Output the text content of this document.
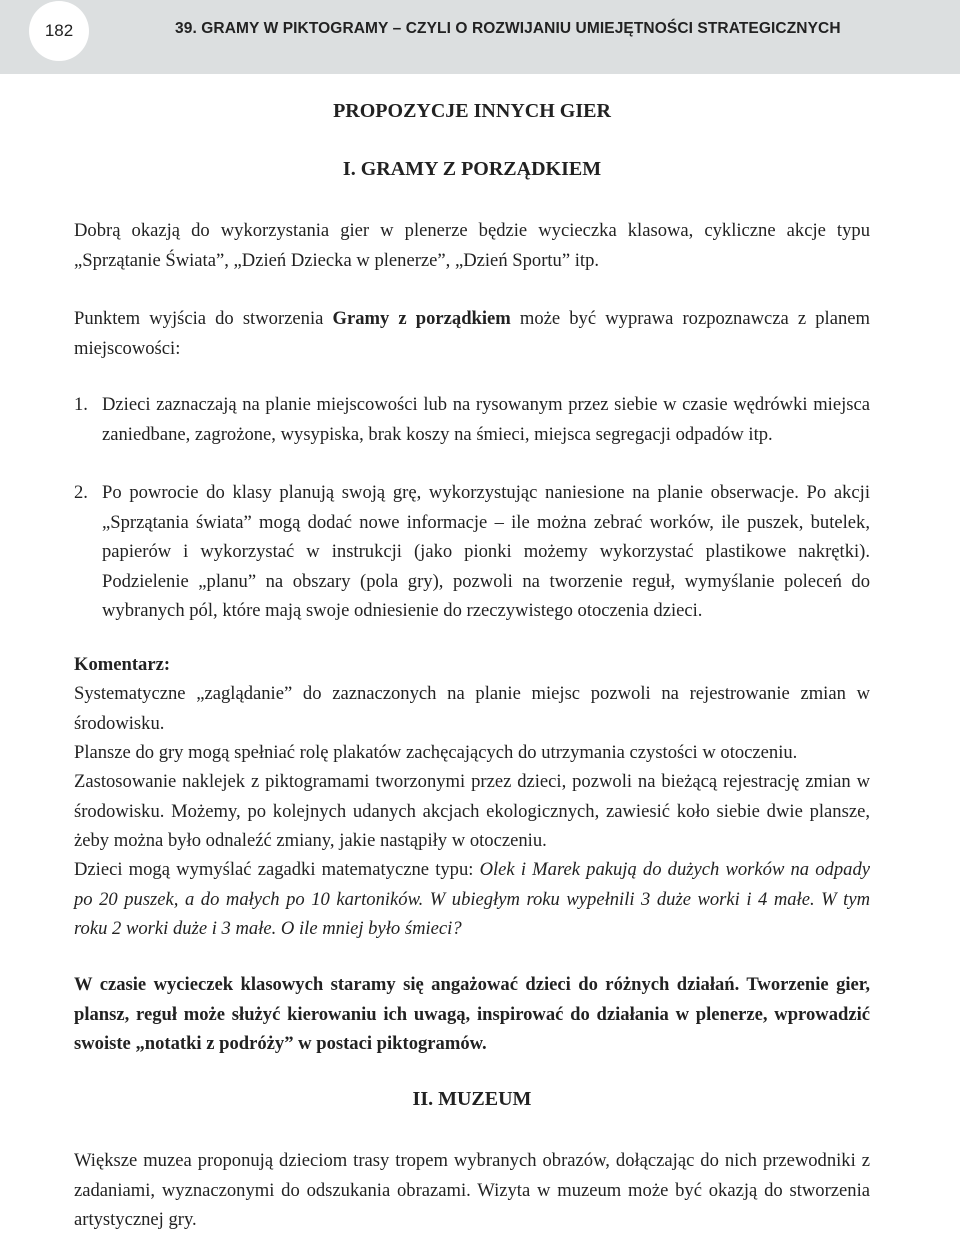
182	39. GRAMY W PIKTOGRAMY – CZYLI O ROZWIJANIU UMIEJĘTNOŚCI STRATEGICZNYCH
PROPOZYCJE INNYCH GIER
I. GRAMY Z PORZĄDKIEM

Dobrą okazją do wykorzystania gier w plenerze będzie wycieczka klasowa, cykliczne akcje typu „Sprzątanie Świata”, „Dzień Dziecka w plenerze”, „Dzień Sportu” itp.

Punktem wyjścia do stworzenia Gramy z porządkiem może być wyprawa rozpoznawcza z planem miejscowości:

1. Dzieci zaznaczają na planie miejscowości lub na rysowanym przez siebie w czasie wędrówki miejsca zaniedbane, zagrożone, wysypiska, brak koszy na śmieci, miejsca segregacji odpadów itp.
2. Po powrocie do klasy planują swoją grę, wykorzystując naniesione na planie obserwacje. Po akcji „Sprzątania świata” mogą dodać nowe informacje – ile można zebrać worków, ile puszek, butelek, papierów i wykorzystać w instrukcji (jako pionki możemy wykorzystać plastikowe nakrętki). Podzielenie „planu” na obszary (pola gry), pozwoli na tworzenie reguł, wymyślanie poleceń do wybranych pól, które mają swoje odniesienie do rzeczywistego otoczenia dzieci.
Komentarz:

Systematyczne „zaglądanie” do zaznaczonych na planie miejsc pozwoli na rejestrowanie zmian w środowisku.

Plansze do gry mogą spełniać rolę plakatów zachęcających do utrzymania czystości w otoczeniu.

Zastosowanie naklejek z piktogramami tworzonymi przez dzieci, pozwoli na bieżącą rejestrację zmian w środowisku. Możemy, po kolejnych udanych akcjach ekologicznych, zawiesić koło siebie dwie plansze, żeby można było odnaleźć zmiany, jakie nastąpiły w otoczeniu.

Dzieci mogą wymyślać zagadki matematyczne typu: Olek i Marek pakują do dużych worków na odpady po 20 puszek, a do małych po 10 kartoników. W ubiegłym roku wypełnili 3 duże worki i 4 małe. W tym roku 2 worki duże i 3 małe. O ile mniej było śmieci?

W czasie wycieczek klasowych staramy się angażować dzieci do różnych działań. Tworzenie gier, plansz, reguł może służyć kierowaniu ich uwagą, inspirować do działania w plenerze, wprowadzić swoiste „notatki z podróży” w postaci piktogramów.

II. MUZEUM

Większe muzea proponują dzieciom trasy tropem wybranych obrazów, dołączając do nich przewodniki z zadaniami, wyznaczonymi do odszukania obrazami. Wizyta w muzeum może być okazją do stworzenia artystycznej gry.
